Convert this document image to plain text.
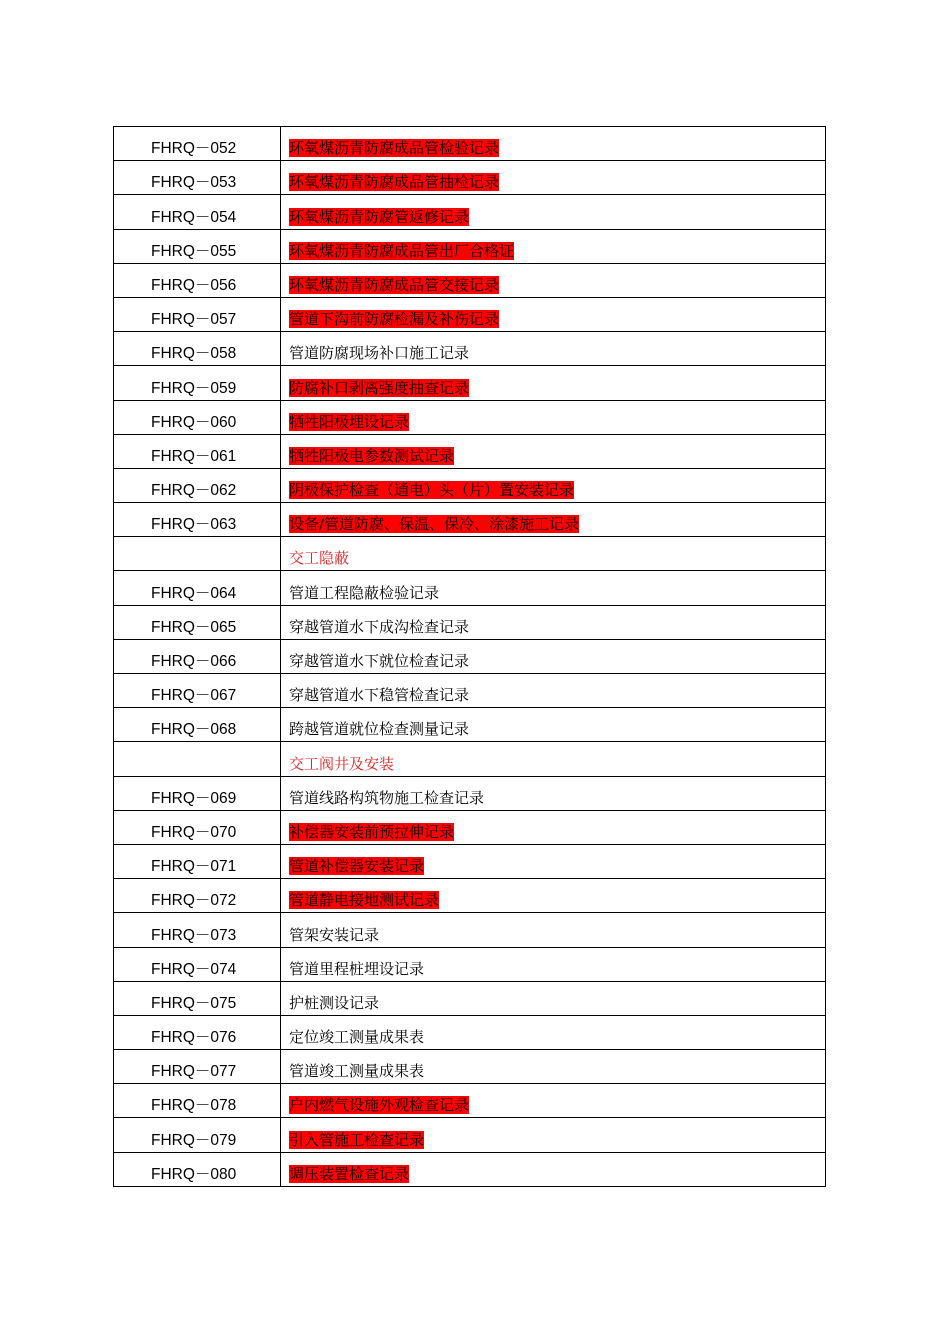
FHRQ－052	环氧煤沥青防腐成品管检验记录
FHRQ－053	环氧煤沥青防腐成品管抽检记录
FHRQ－054	环氧煤沥青防腐管返修记录
FHRQ－055	环氧煤沥青防腐成品管出厂合格证
FHRQ－056	环氧煤沥青防腐成品管交接记录
FHRQ－057	管道下沟前防腐检漏及补伤记录
FHRQ－058	管道防腐现场补口施工记录
FHRQ－059	防腐补口剥离强度抽查记录
FHRQ－060	牺牲阳极埋设记录
FHRQ－061	牺牲阳极电参数测试记录
FHRQ－062	阴极保护检查（通电）头（片）置安装记录
FHRQ－063	设备/管道防腐、保温、保冷、涂漆施工记录
	交工隐蔽
FHRQ－064	管道工程隐蔽检验记录
FHRQ－065	穿越管道水下成沟检查记录
FHRQ－066	穿越管道水下就位检查记录
FHRQ－067	穿越管道水下稳管检查记录
FHRQ－068	跨越管道就位检查测量记录
	交工阀井及安装
FHRQ－069	管道线路构筑物施工检查记录
FHRQ－070	补偿器安装前预拉伸记录
FHRQ－071	管道补偿器安装记录
FHRQ－072	管道静电接地测试记录
FHRQ－073	管架安装记录
FHRQ－074	管道里程桩埋设记录
FHRQ－075	护桩测设记录
FHRQ－076	定位竣工测量成果表
FHRQ－077	管道竣工测量成果表
FHRQ－078	户内燃气设施外观检查记录
FHRQ－079	引入管施工检查记录
FHRQ－080	调压装置检查记录
